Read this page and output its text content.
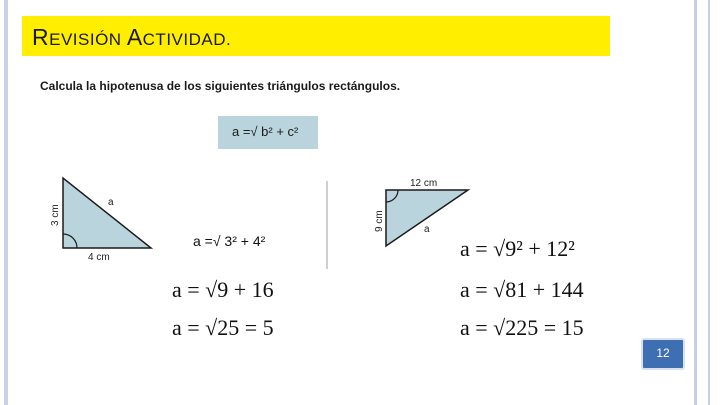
REVISIÓN ACTIVIDAD.
Calcula la hipotenusa de los siguientes triángulos rectángulos.
a =√ b² + c²
3 cm
4 cm
a
a =√ 3² + 4²
a = √9 + 16
a = √25 = 5
12 cm
9 cm	a
a = √9² + 12²
a = √81 + 144
a = √225 = 15
12
